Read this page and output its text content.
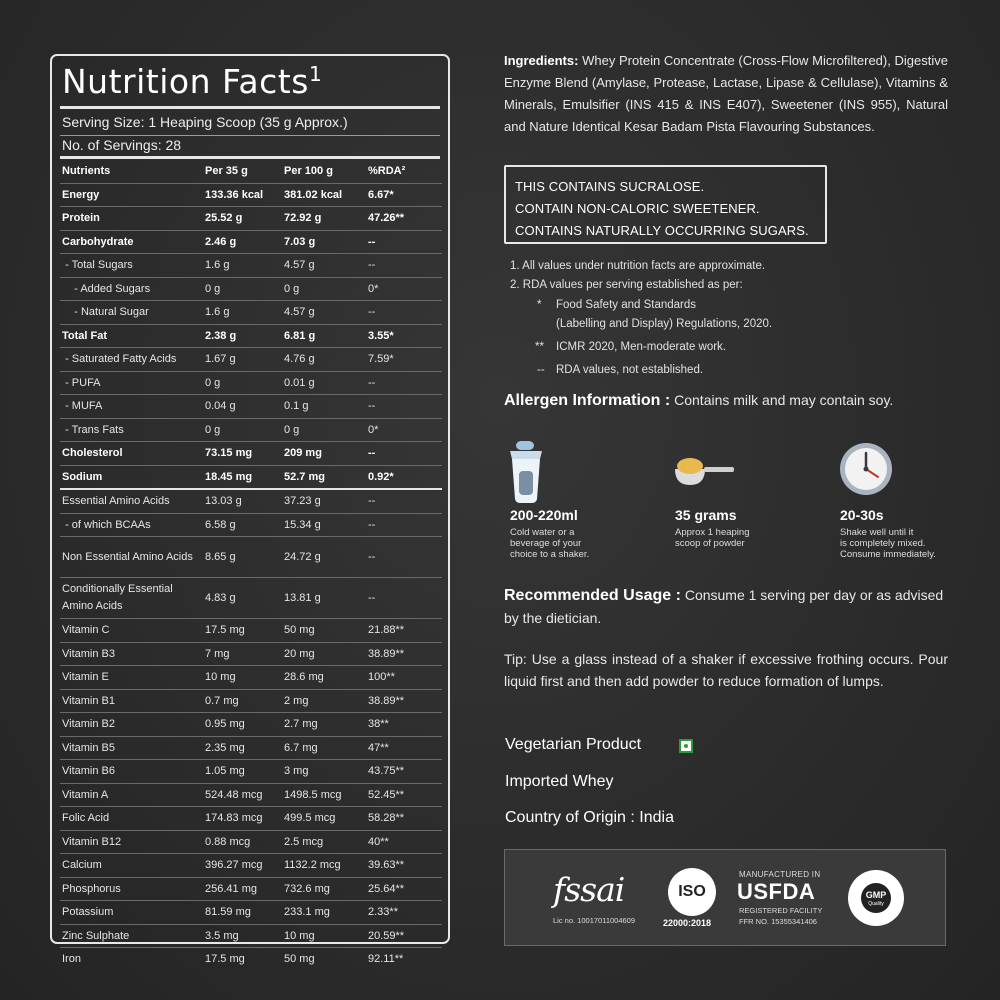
Nutrition Facts$^1$
Serving Size: 1 Heaping Scoop (35 g Approx.)
No. of Servings: 28
Nutrients	Per 35 g	Per 100 g	%RDA²
Energy	133.36 kcal	381.02 kcal	6.67*
Protein	25.52 g	72.92 g	47.26**
Carbohydrate	2.46 g	7.03 g	--
- Total Sugars	1.6 g	4.57 g	--
- Added Sugars	0 g	0 g	0*
- Natural Sugar	1.6 g	4.57 g	--
Total Fat	2.38 g	6.81 g	3.55*
- Saturated Fatty Acids	1.67 g	4.76 g	7.59*
- PUFA	0 g	0.01 g	--
- MUFA	0.04 g	0.1 g	--
- Trans Fats	0 g	0 g	0*
Cholesterol	73.15 mg	209 mg	--
Sodium	18.45 mg	52.7 mg	0.92*
Essential Amino Acids	13.03 g	37.23 g	--
- of which BCAAs	6.58 g	15.34 g	--
Non Essential Amino Acids	8.65 g	24.72 g	--
Conditionally Essential Amino Acids	4.83 g	13.81 g	--
Vitamin C	17.5 mg	50 mg	21.88**
Vitamin B3	7 mg	20 mg	38.89**
Vitamin E	10 mg	28.6 mg	100**
Vitamin B1	0.7 mg	2 mg	38.89**
Vitamin B2	0.95 mg	2.7 mg	38**
Vitamin B5	2.35 mg	6.7 mg	47**
Vitamin B6	1.05 mg	3 mg	43.75**
Vitamin A	524.48 mcg	1498.5 mcg	52.45**
Folic Acid	174.83 mcg	499.5 mcg	58.28**
Vitamin B12	0.88 mcg	2.5 mcg	40**
Calcium	396.27 mcg	1132.2 mcg	39.63**
Phosphorus	256.41 mg	732.6 mg	25.64**
Potassium	81.59 mg	233.1 mg	2.33**
Zinc Sulphate	3.5 mg	10 mg	20.59**
Iron	17.5 mg	50 mg	92.11**
Ingredients: Whey Protein Concentrate (Cross-Flow Microfiltered), Digestive Enzyme Blend (Amylase, Protease, Lactase, Lipase & Cellulase), Vitamins & Minerals, Emulsifier (INS 415 & INS E407), Sweetener (INS 955), Natural and Nature Identical Kesar Badam Pista Flavouring Substances.
THIS CONTAINS SUCRALOSE.
CONTAIN NON-CALORIC SWEETENER.
CONTAINS NATURALLY OCCURRING SUGARS.
1. All values under nutrition facts are approximate.
2. RDA values per serving established as per:
* Food Safety and Standards
(Labelling and Display) Regulations, 2020.
** ICMR 2020, Men-moderate work.
-- RDA values, not established.
Allergen Information : Contains milk and may contain soy.
200-220ml
Cold water or a
beverage of your
choice to a shaker.
35 grams
Approx 1 heaping
scoop of powder
20-30s
Shake well until it
is completely mixed.
Consume immediately.
Recommended Usage : Consume 1 serving per day or as advised by the dietician.
Tip: Use a glass instead of a shaker if excessive frothing occurs. Pour liquid first and then add powder to reduce formation of lumps.
Vegetarian Product
Imported Whey
Country of Origin : India
fssai
Lic no. 10017011004609
ISO
22000:2018
MANUFACTURED IN
USFDA
REGISTERED FACILITY
FFR NO. 15355341406
GMP
Quality
